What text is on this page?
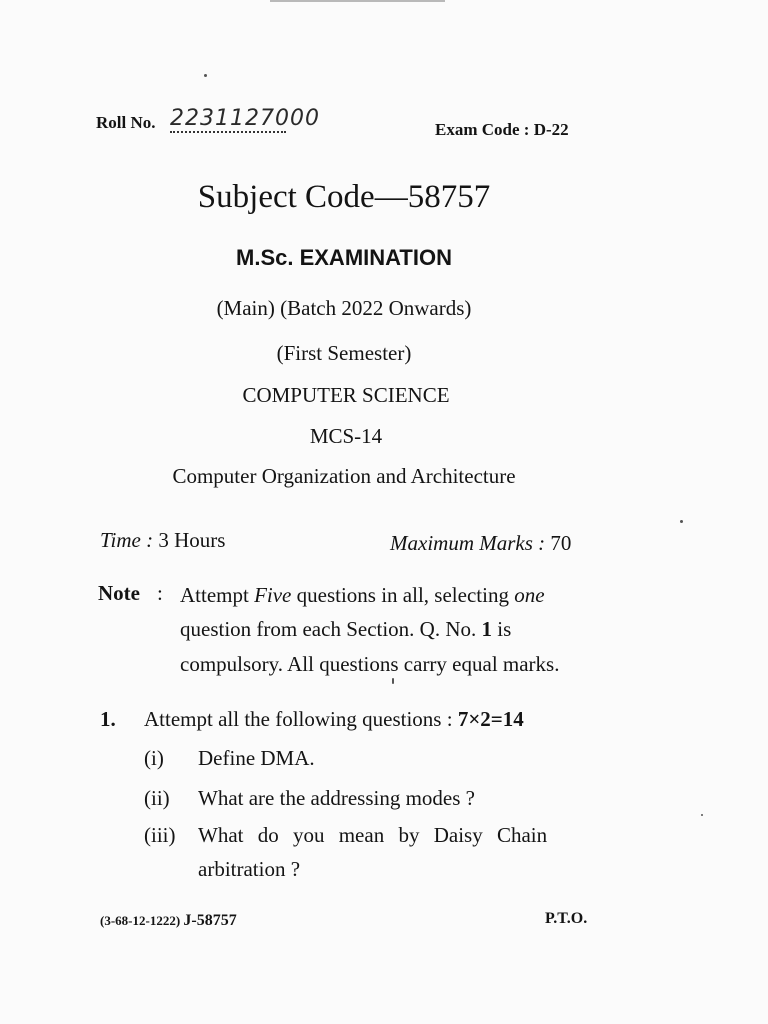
Roll No. 2231127000	Exam Code : D-22
Subject Code—58757
M.Sc. EXAMINATION
(Main) (Batch 2022 Onwards)
(First Semester)
COMPUTER SCIENCE
MCS-14
Computer Organization and Architecture
Time : 3 Hours	Maximum Marks : 70
Note : Attempt Five questions in all, selecting one
question from each Section. Q. No. 1 is
compulsory. All questions carry equal marks.
1. Attempt all the following questions : 7×2=14
(i) Define DMA.
(ii) What are the addressing modes ?
(iii) What do you mean by Daisy Chain
arbitration ?
(3-68-12-1222) J-58757	P.T.O.
